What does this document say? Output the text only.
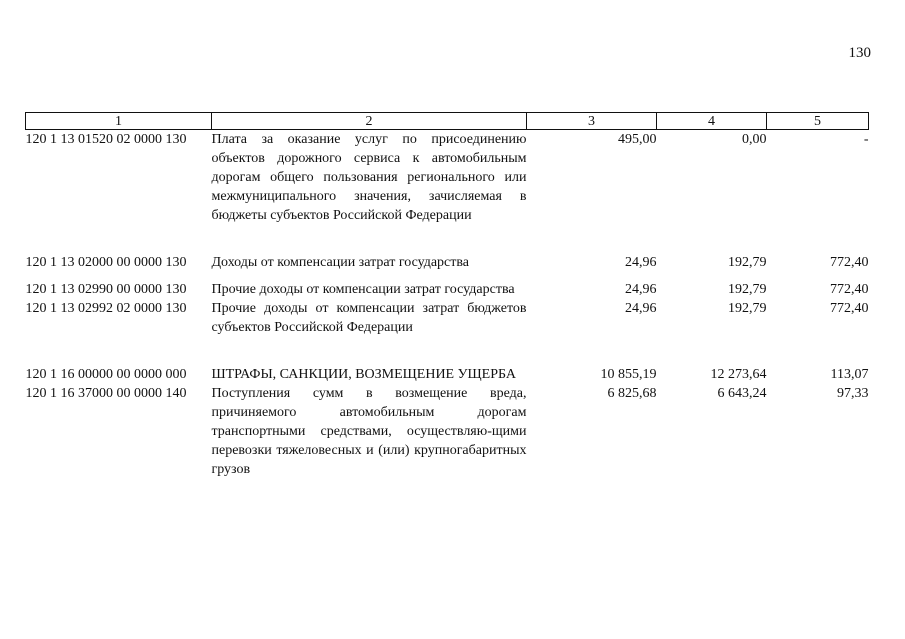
130
1	2	3	4	5
120 1 13 01520 02 0000 130	Плата за оказание услуг по присоединению объектов дорожного сервиса к автомобильным дорогам общего пользования регионального или межмуниципального значения, зачисляемая в бюджеты субъектов Российской Федерации	495,00	0,00	-
120 1 13 02000 00 0000 130	Доходы от компенсации затрат государства	24,96	192,79	772,40
120 1 13 02990 00 0000 130	Прочие доходы от компенсации затрат государства	24,96	192,79	772,40
120 1 13 02992 02 0000 130	Прочие доходы от компенсации затрат бюджетов субъектов Российской Федерации	24,96	192,79	772,40
120 1 16 00000 00 0000 000	ШТРАФЫ, САНКЦИИ, ВОЗМЕЩЕНИЕ УЩЕРБА	10 855,19	12 273,64	113,07
120 1 16 37000 00 0000 140	Поступления сумм в возмещение вреда, причиняемого автомобильным дорогам транспортными средствами, осуществляю-щими перевозки тяжеловесных и (или) крупногабаритных грузов	6 825,68	6 643,24	97,33
